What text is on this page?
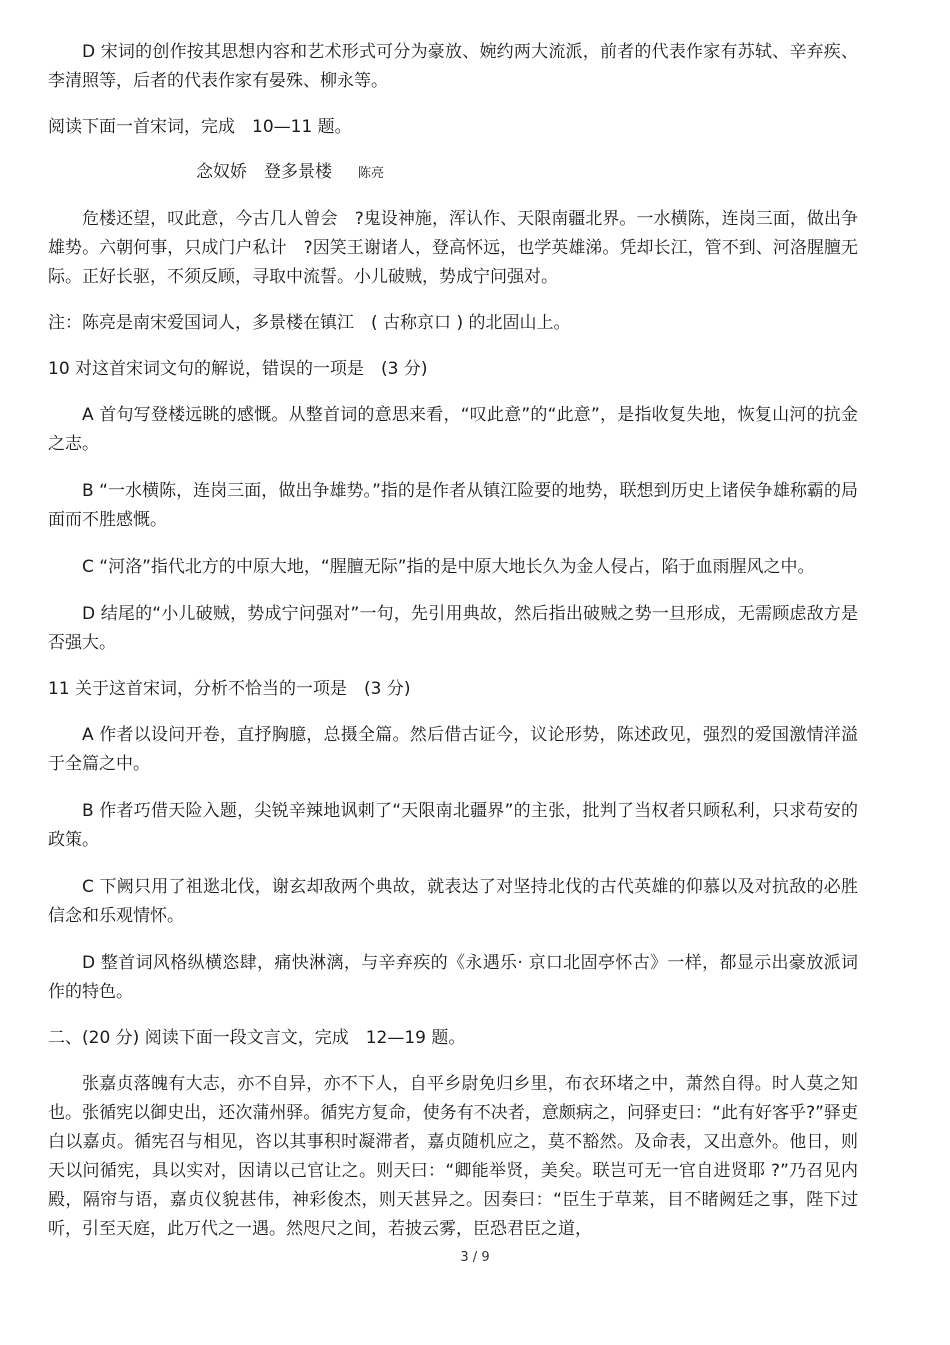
D 宋词的创作按其思想内容和艺术形式可分为豪放、婉约两大流派，前者的代表作家有苏轼、辛弃疾、李清照等，后者的代表作家有晏殊、柳永等。

阅读下面一首宋词，完成　10—11 题。

念奴娇　登多景楼 陈亮

危楼还望，叹此意，今古几人曾会　?鬼设神施，浑认作、天限南疆北界。一水横陈，连岗三面，做出争雄势。六朝何事，只成门户私计　?因笑王谢诸人，登高怀远，也学英雄涕。凭却长江，管不到、河洛腥膻无际。正好长驱，不须反顾，寻取中流誓。小儿破贼，势成宁问强对。

注：陈亮是南宋爱国词人，多景楼在镇江　( 古称京口 ) 的北固山上。

10 对这首宋词文句的解说，错误的一项是　(3 分)

A 首句写登楼远眺的感慨。从整首词的意思来看，“叹此意”的“此意”，是指收复失地，恢复山河的抗金之志。

B “一水横陈，连岗三面，做出争雄势。”指的是作者从镇江险要的地势，联想到历史上诸侯争雄称霸的局面而不胜感慨。

C “河洛”指代北方的中原大地，“腥膻无际”指的是中原大地长久为金人侵占，陷于血雨腥风之中。

D 结尾的“小儿破贼，势成宁问强对”一句，先引用典故，然后指出破贼之势一旦形成，无需顾虑敌方是否强大。

11 关于这首宋词，分析不恰当的一项是　(3 分)

A 作者以设问开卷，直抒胸臆，总摄全篇。然后借古证今，议论形势，陈述政见，强烈的爱国激情洋溢于全篇之中。

B 作者巧借天险入题，尖锐辛辣地讽刺了“天限南北疆界”的主张，批判了当权者只顾私利，只求苟安的政策。

C 下阙只用了祖逖北伐，谢玄却敌两个典故，就表达了对坚持北伐的古代英雄的仰慕以及对抗敌的必胜信念和乐观情怀。

D 整首词风格纵横恣肆，痛快淋漓，与辛弃疾的《永遇乐· 京口北固亭怀古》一样，都显示出豪放派词作的特色。

二、(20 分) 阅读下面一段文言文，完成　12—19 题。

张嘉贞落魄有大志，亦不自异，亦不下人，自平乡尉免归乡里，布衣环堵之中，萧然自得。时人莫之知也。张循宪以御史出，还次蒲州驿。循宪方复命，使务有不决者，意颇病之，问驿吏曰：“此有好客乎?”驿吏白以嘉贞。循宪召与相见，咨以其事积时凝滞者，嘉贞随机应之，莫不豁然。及命表，又出意外。他日，则天以问循宪，具以实对，因请以己官让之。则天曰：“卿能举贤，美矣。联岂可无一官自进贤耶 ?”乃召见内殿，隔帘与语，嘉贞仪貌甚伟，神彩俊杰，则天甚异之。因奏曰：“臣生于草莱，目不睹阙廷之事，陛下过听，引至天庭，此万代之一遇。然咫尺之间，若披云雾，臣恐君臣之道，

3 / 9
